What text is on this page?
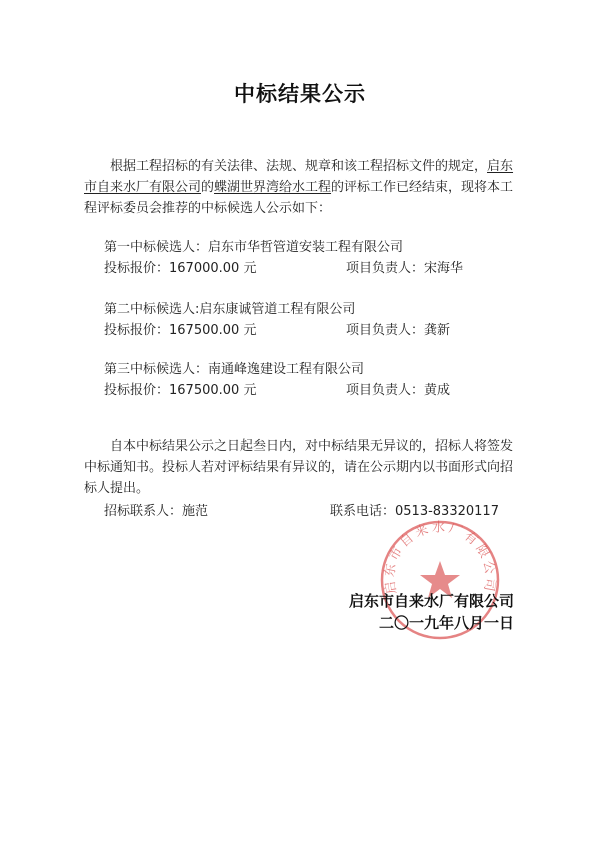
中标结果公示
根据工程招标的有关法律、法规、规章和该工程招标文件的规定，启东市自来水厂有限公司的蝶湖世界湾给水工程的评标工作已经结束，现将本工程评标委员会推荐的中标候选人公示如下：
第一中标候选人：启东市华哲管道安装工程有限公司
投标报价：167000.00 元	项目负责人：宋海华
第二中标候选人:启东康诚管道工程有限公司
投标报价：167500.00 元	项目负责人：龚新
第三中标候选人：南通峰逸建设工程有限公司
投标报价：167500.00 元	项目负责人：黄成
自本中标结果公示之日起叁日内，对中标结果无异议的，招标人将签发中标通知书。投标人若对评标结果有异议的，请在公示期内以书面形式向招标人提出。
招标联系人：施范	联系电话：0513-83320117
启东市自来水厂有限公司
启东市自来水厂有限公司
二〇一九年八月一日
